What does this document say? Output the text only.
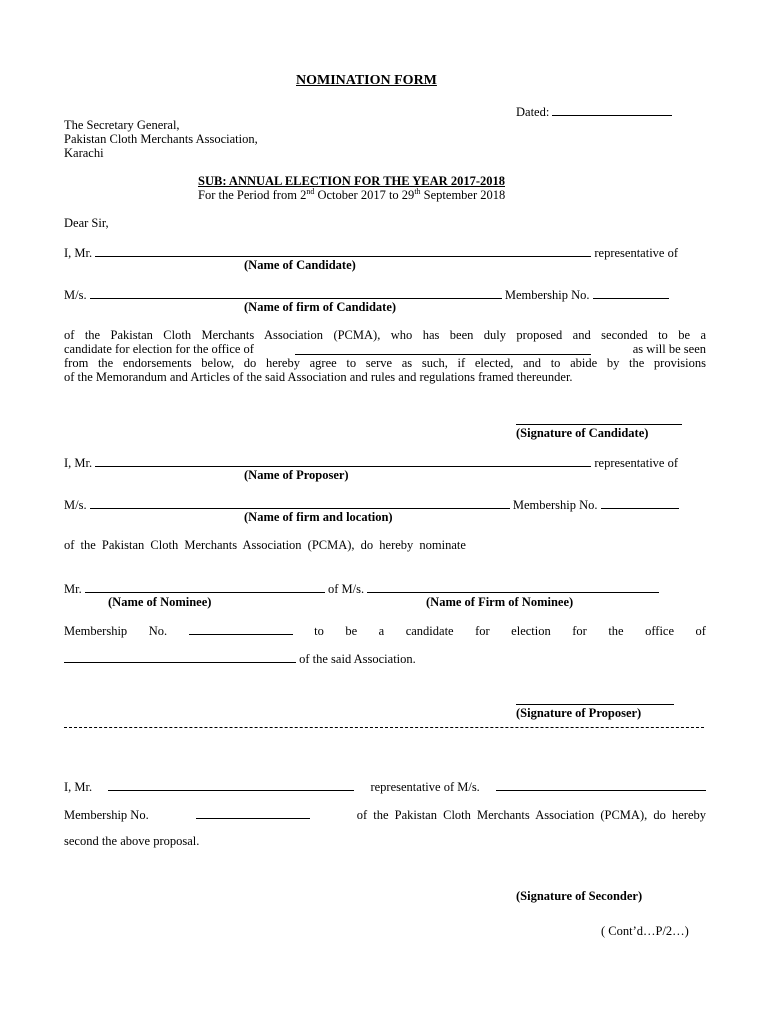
NOMINATION FORM
Dated:
The Secretary General,
Pakistan Cloth Merchants Association,
Karachi
SUB: ANNUAL ELECTION FOR THE YEAR 2017-2018
For the Period from 2nd October 2017 to 29th September 2018
Dear Sir,
I, Mr.	representative of
(Name of Candidate)
M/s.	Membership No.
(Name of firm of Candidate)
of the Pakistan Cloth Merchants Association (PCMA), who has been duly proposed and seconded to be a
candidate for election for the office of	as will be seen
from the endorsements below, do hereby agree to serve as such, if elected, and to abide by the provisions
of the Memorandum and Articles of the said Association and rules and regulations framed thereunder.
(Signature of Candidate)
I, Mr.	representative of
(Name of Proposer)
M/s.	Membership No.
(Name of firm and location)
of the Pakistan Cloth Merchants Association (PCMA), do hereby nominate
Mr.	of M/s.
(Name of Nominee)	(Name of Firm of Nominee)
Membership No.	to be a candidate for election for the office of
of the said Association.
(Signature of Proposer)
I, Mr.	representative of M/s.
Membership No.	of the Pakistan Cloth Merchants Association (PCMA), do hereby
second the above proposal.
(Signature of Seconder)
( Cont’d…P/2…)
